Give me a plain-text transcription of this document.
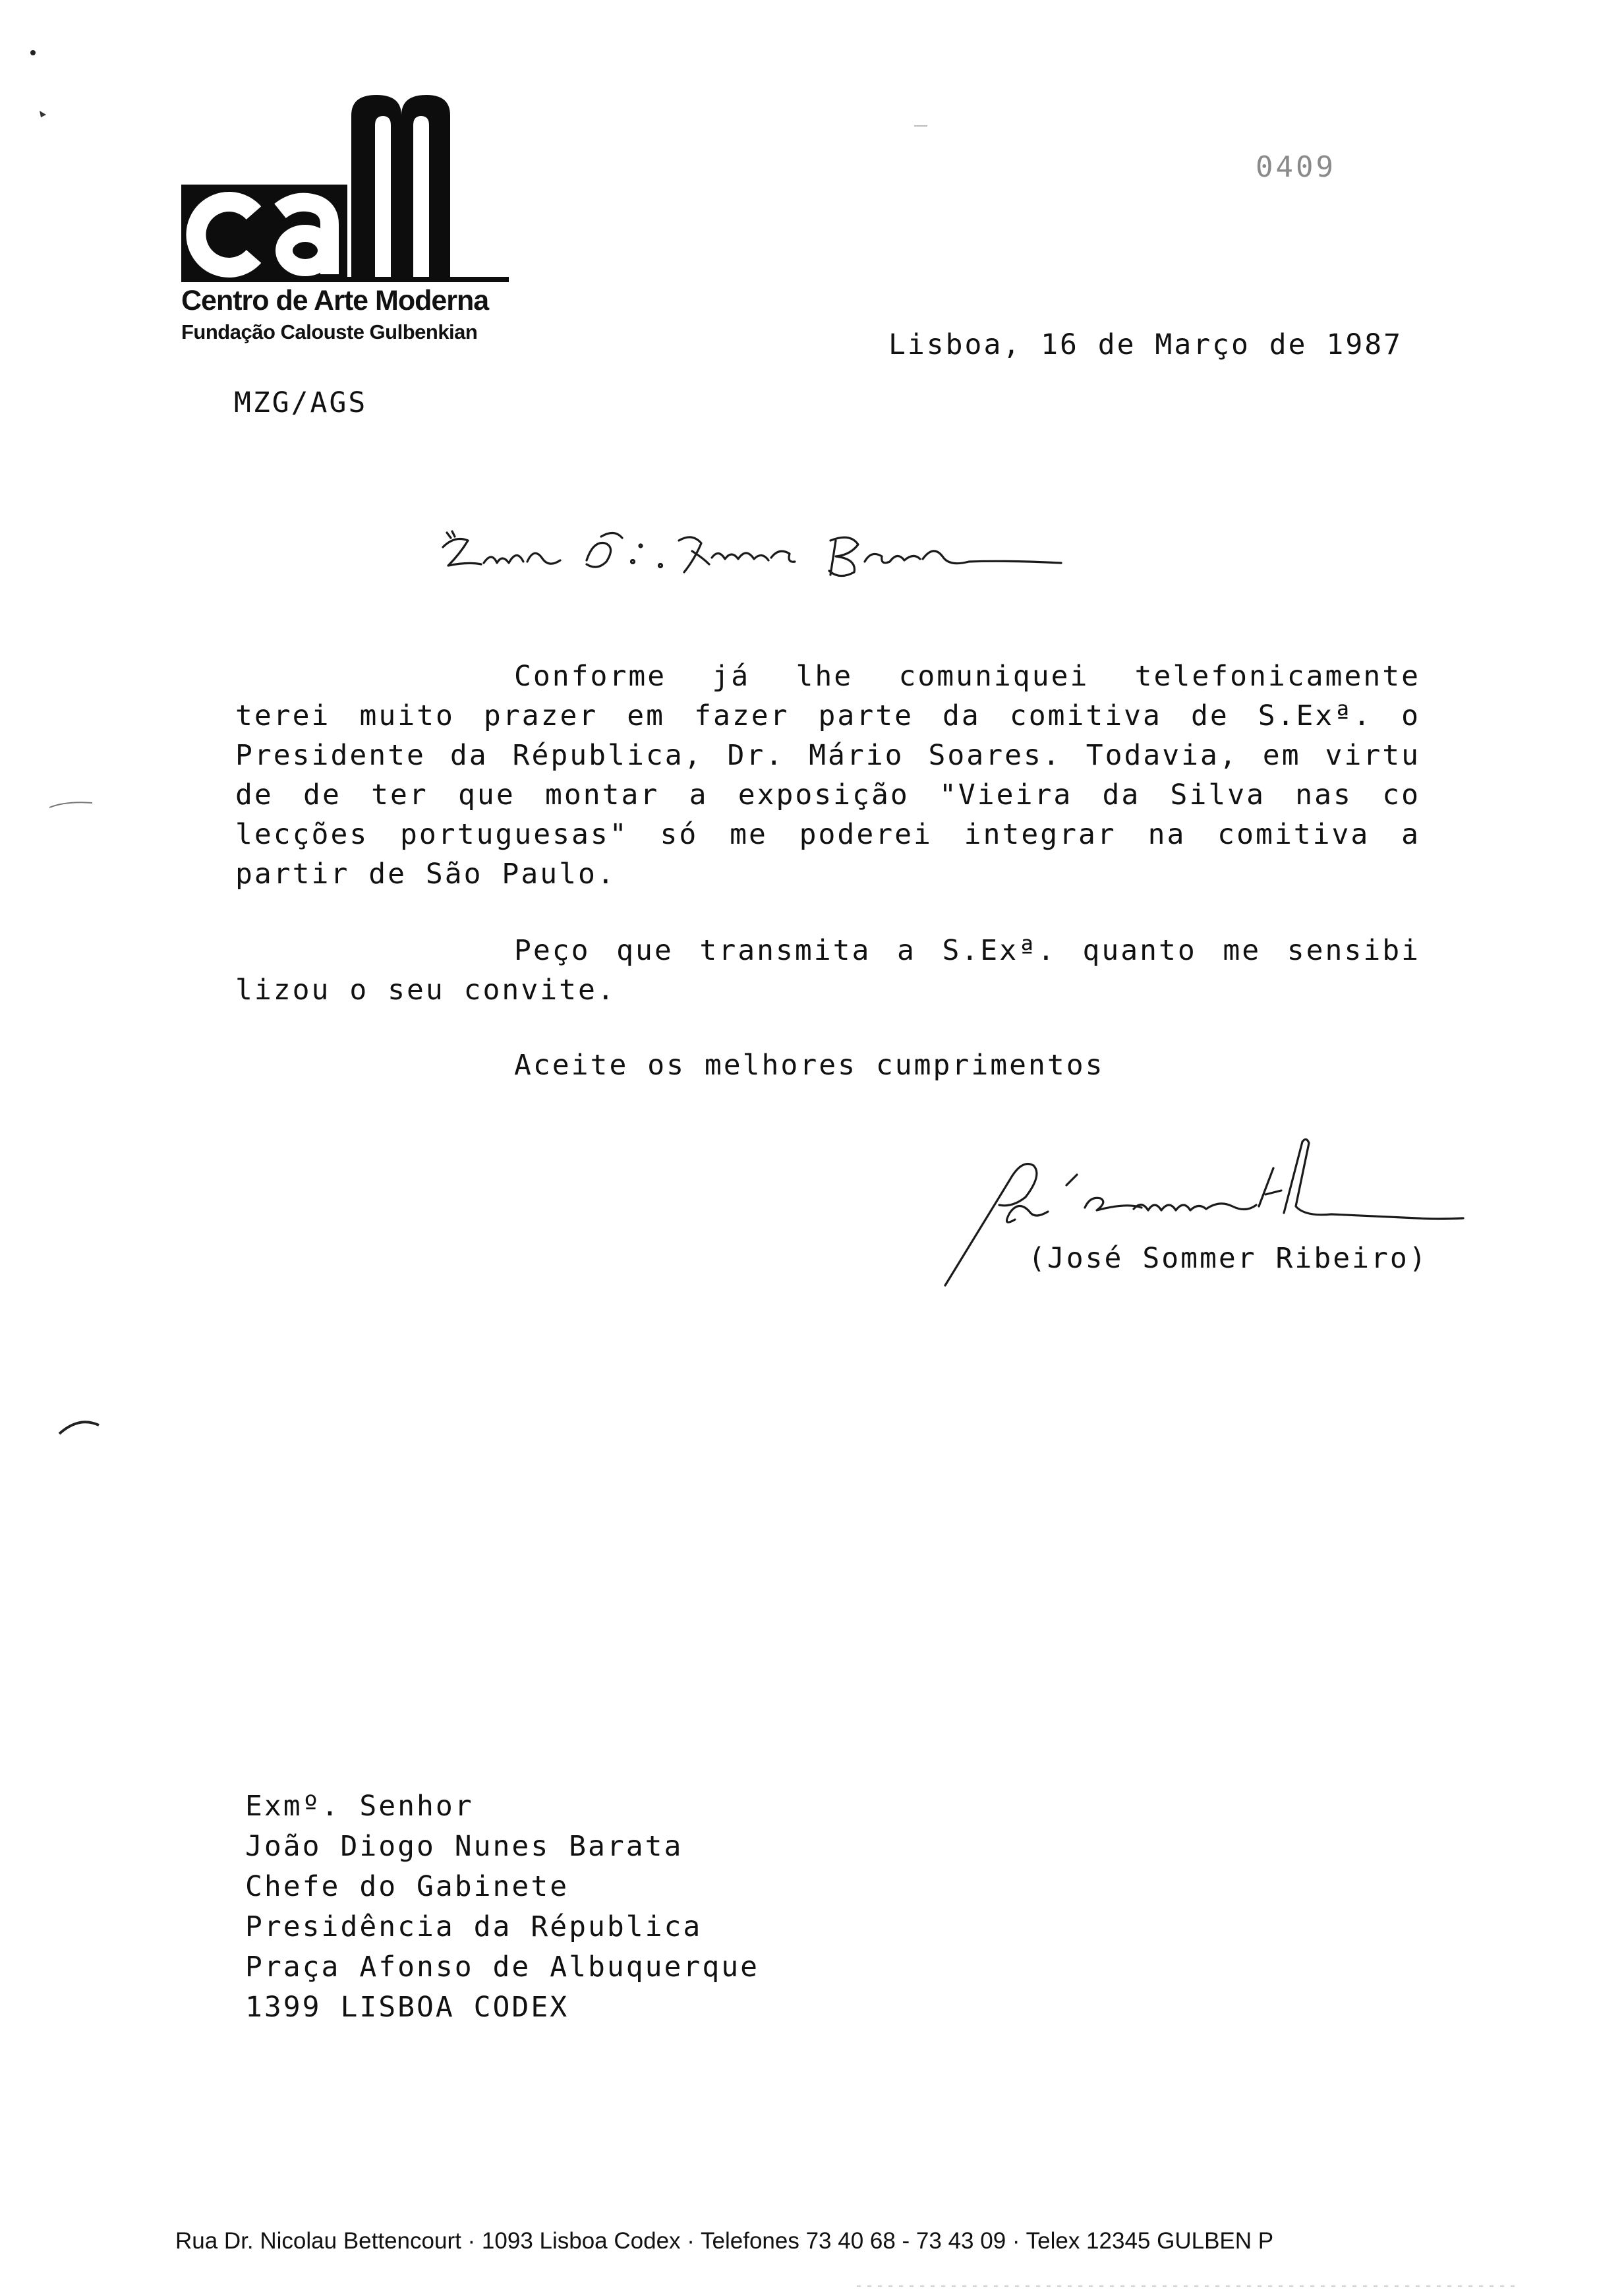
Centro de Arte Moderna
Fundação Calouste Gulbenkian
0409
Lisboa, 16 de Março de 1987
MZG/AGS
Conforme já lhe comuniquei telefonicamente
terei muito prazer em fazer parte da comitiva de S.Exª. o
Presidente da Républica, Dr. Mário Soares. Todavia, em virtu
de de ter que montar a exposição "Vieira da Silva nas co
lecções portuguesas" só me poderei integrar na comitiva a
partir de São Paulo.
Peço que transmita a S.Exª. quanto me sensibi
lizou o seu convite.
Aceite os melhores cumprimentos
(José Sommer Ribeiro)
Exmº. Senhor
João Diogo Nunes Barata
Chefe do Gabinete
Presidência da Républica
Praça Afonso de Albuquerque
1399 LISBOA CODEX
Rua Dr. Nicolau Bettencourt · 1093 Lisboa Codex · Telefones 73 40 68 - 73 43 09 · Telex 12345 GULBEN P
